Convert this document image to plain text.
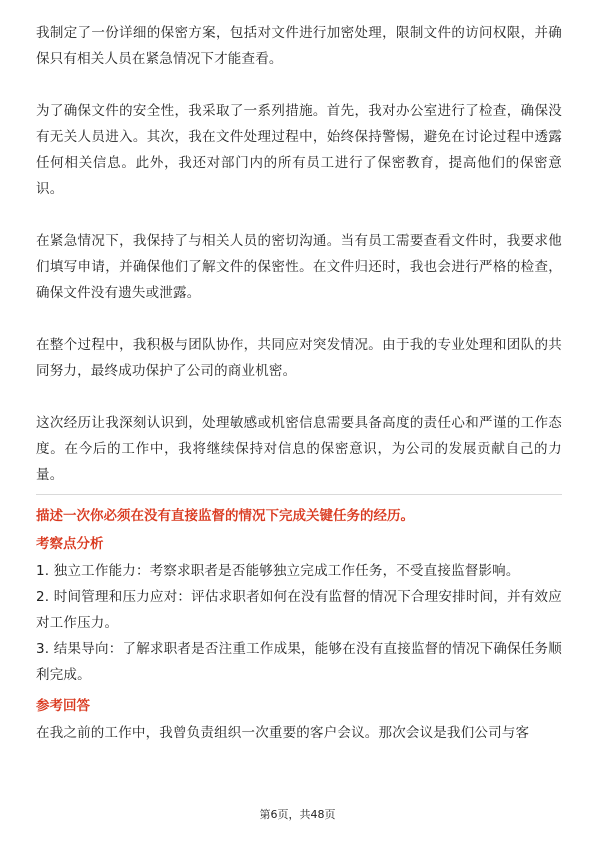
我制定了一份详细的保密方案，包括对文件进行加密处理，限制文件的访问权限，并确保只有相关人员在紧急情况下才能查看。

为了确保文件的安全性，我采取了一系列措施。首先，我对办公室进行了检查，确保没有无关人员进入。其次，我在文件处理过程中，始终保持警惕，避免在讨论过程中透露任何相关信息。此外，我还对部门内的所有员工进行了保密教育，提高他们的保密意识。

在紧急情况下，我保持了与相关人员的密切沟通。当有员工需要查看文件时，我要求他们填写申请，并确保他们了解文件的保密性。在文件归还时，我也会进行严格的检查，确保文件没有遗失或泄露。

在整个过程中，我积极与团队协作，共同应对突发情况。由于我的专业处理和团队的共同努力，最终成功保护了公司的商业机密。

这次经历让我深刻认识到，处理敏感或机密信息需要具备高度的责任心和严谨的工作态度。在今后的工作中，我将继续保持对信息的保密意识，为公司的发展贡献自己的力量。

描述一次你必须在没有直接监督的情况下完成关键任务的经历。

考察点分析

1. 独立工作能力：考察求职者是否能够独立完成工作任务，不受直接监督影响。

2. 时间管理和压力应对：评估求职者如何在没有监督的情况下合理安排时间，并有效应对工作压力。

3. 结果导向：了解求职者是否注重工作成果，能够在没有直接监督的情况下确保任务顺利完成。

参考回答

在我之前的工作中，我曾负责组织一次重要的客户会议。那次会议是我们公司与客

第6页，共48页
